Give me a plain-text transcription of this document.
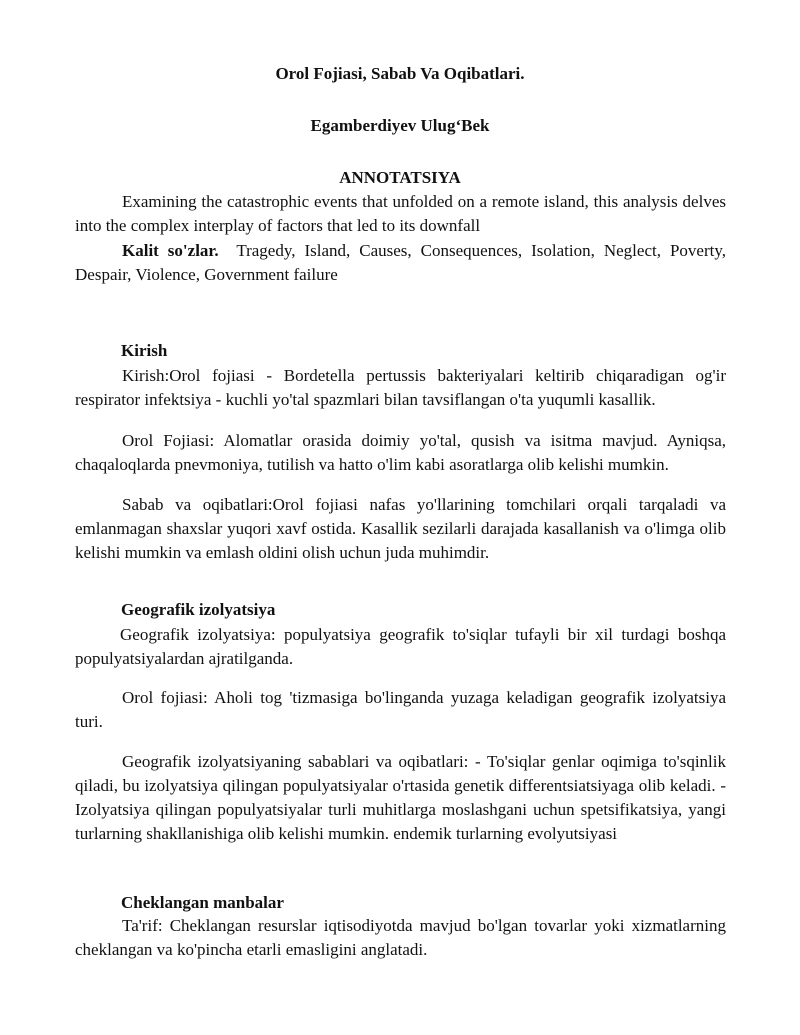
Orol Fojiasi, Sabab Va Oqibatlari.
Egamberdiyev Ulug‘Bek
ANNOTATSIYA
Examining the catastrophic events that unfolded on a remote island, this analysis delves into the complex interplay of factors that led to its downfall
Kalit so'zlar. Tragedy, Island, Causes, Consequences, Isolation, Neglect, Poverty, Despair, Violence, Government failure
Kirish
Kirish:Orol fojiasi - Bordetella pertussis bakteriyalari keltirib chiqaradigan og'ir respirator infektsiya - kuchli yo'tal spazmlari bilan tavsiflangan o'ta yuqumli kasallik.
Orol Fojiasi: Alomatlar orasida doimiy yo'tal, qusish va isitma mavjud. Ayniqsa, chaqaloqlarda pnevmoniya, tutilish va hatto o'lim kabi asoratlarga olib kelishi mumkin.
Sabab va oqibatlari:Orol fojiasi nafas yo'llarining tomchilari orqali tarqaladi va emlanmagan shaxslar yuqori xavf ostida. Kasallik sezilarli darajada kasallanish va o'limga olib kelishi mumkin va emlash oldini olish uchun juda muhimdir.
Geografik izolyatsiya
Geografik izolyatsiya: populyatsiya geografik to'siqlar tufayli bir xil turdagi boshqa populyatsiyalardan ajratilganda.
Orol fojiasi: Aholi tog 'tizmasiga bo'linganda yuzaga keladigan geografik izolyatsiya turi.
Geografik izolyatsiyaning sabablari va oqibatlari: - To'siqlar genlar oqimiga to'sqinlik qiladi, bu izolyatsiya qilingan populyatsiyalar o'rtasida genetik differentsiatsiyaga olib keladi. - Izolyatsiya qilingan populyatsiyalar turli muhitlarga moslashgani uchun spetsifikatsiya, yangi turlarning shakllanishiga olib kelishi mumkin. endemik turlarning evolyutsiyasi
Cheklangan manbalar
Ta'rif: Cheklangan resurslar iqtisodiyotda mavjud bo'lgan tovarlar yoki xizmatlarning cheklangan va ko'pincha etarli emasligini anglatadi.
